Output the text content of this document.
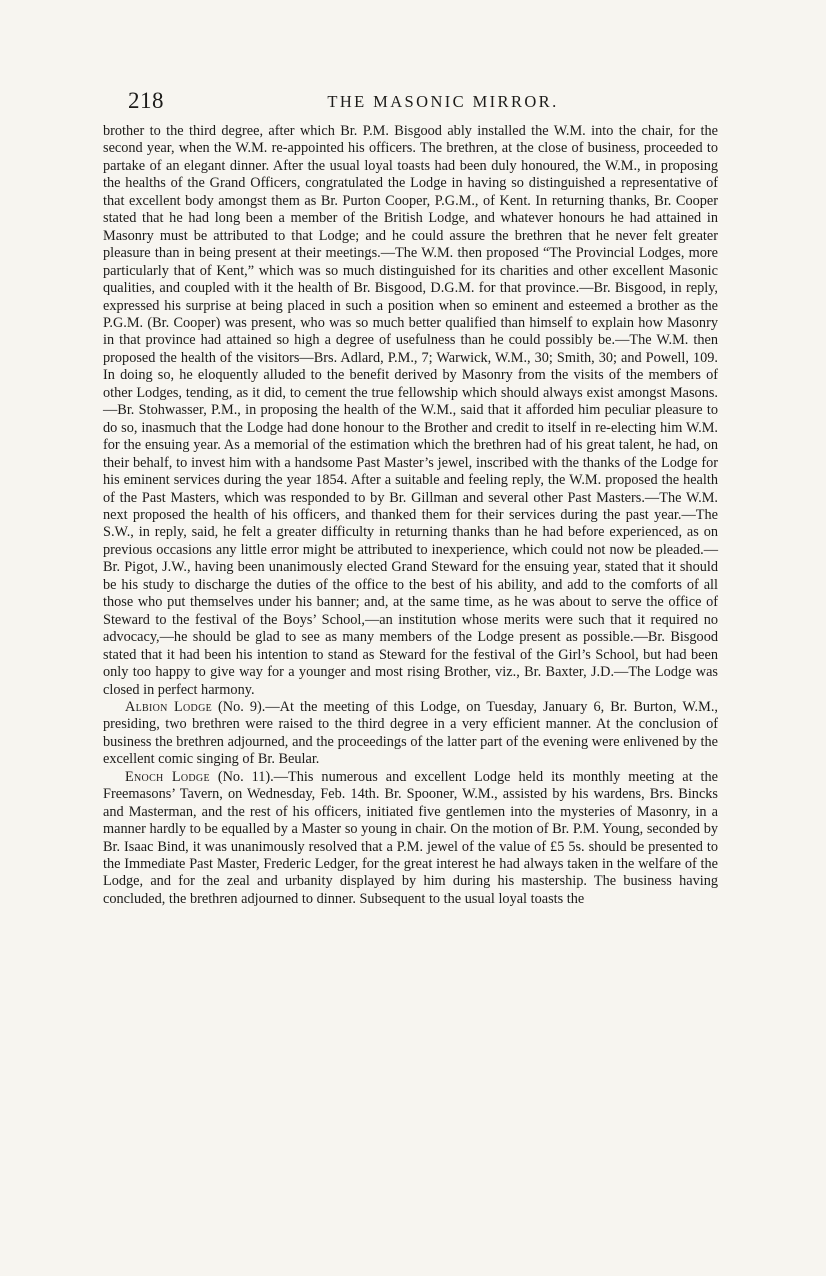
218	THE MASONIC MIRROR.

brother to the third degree, after which Br. P.M. Bisgood ably installed the W.M. into the chair, for the second year, when the W.M. re-appointed his officers. The brethren, at the close of business, proceeded to partake of an elegant dinner. After the usual loyal toasts had been duly honoured, the W.M., in proposing the healths of the Grand Officers, congratulated the Lodge in having so distinguished a representative of that excellent body amongst them as Br. Purton Cooper, P.G.M., of Kent. In returning thanks, Br. Cooper stated that he had long been a member of the British Lodge, and whatever honours he had attained in Masonry must be attributed to that Lodge; and he could assure the brethren that he never felt greater pleasure than in being present at their meetings.—The W.M. then proposed “The Provincial Lodges, more particularly that of Kent,” which was so much distinguished for its charities and other excellent Masonic qualities, and coupled with it the health of Br. Bisgood, D.G.M. for that province.—Br. Bisgood, in reply, expressed his surprise at being placed in such a position when so eminent and esteemed a brother as the P.G.M. (Br. Cooper) was present, who was so much better qualified than himself to explain how Masonry in that province had attained so high a degree of usefulness than he could possibly be.—The W.M. then proposed the health of the visitors—Brs. Adlard, P.M., 7; Warwick, W.M., 30; Smith, 30; and Powell, 109. In doing so, he eloquently alluded to the benefit derived by Masonry from the visits of the members of other Lodges, tending, as it did, to cement the true fellowship which should always exist amongst Masons.—Br. Stohwasser, P.M., in proposing the health of the W.M., said that it afforded him peculiar pleasure to do so, inasmuch that the Lodge had done honour to the Brother and credit to itself in re-electing him W.M. for the ensuing year. As a memorial of the estimation which the brethren had of his great talent, he had, on their behalf, to invest him with a handsome Past Master’s jewel, inscribed with the thanks of the Lodge for his eminent services during the year 1854. After a suitable and feeling reply, the W.M. proposed the health of the Past Masters, which was responded to by Br. Gillman and several other Past Masters.—The W.M. next proposed the health of his officers, and thanked them for their services during the past year.—The S.W., in reply, said, he felt a greater difficulty in returning thanks than he had before experienced, as on previous occasions any little error might be attributed to inexperience, which could not now be pleaded.—Br. Pigot, J.W., having been unanimously elected Grand Steward for the ensuing year, stated that it should be his study to discharge the duties of the office to the best of his ability, and add to the comforts of all those who put themselves under his banner; and, at the same time, as he was about to serve the office of Steward to the festival of the Boys’ School,—an institution whose merits were such that it required no advocacy,—he should be glad to see as many members of the Lodge present as possible.—Br. Bisgood stated that it had been his intention to stand as Steward for the festival of the Girl’s School, but had been only too happy to give way for a younger and most rising Brother, viz., Br. Baxter, J.D.—The Lodge was closed in perfect harmony.

Albion Lodge (No. 9).—At the meeting of this Lodge, on Tuesday, January 6, Br. Burton, W.M., presiding, two brethren were raised to the third degree in a very efficient manner. At the conclusion of business the brethren adjourned, and the proceedings of the latter part of the evening were enlivened by the excellent comic singing of Br. Beular.

Enoch Lodge (No. 11).—This numerous and excellent Lodge held its monthly meeting at the Freemasons’ Tavern, on Wednesday, Feb. 14th. Br. Spooner, W.M., assisted by his wardens, Brs. Bincks and Masterman, and the rest of his officers, initiated five gentlemen into the mysteries of Masonry, in a manner hardly to be equalled by a Master so young in chair. On the motion of Br. P.M. Young, seconded by Br. Isaac Bind, it was unanimously resolved that a P.M. jewel of the value of £5 5s. should be presented to the Immediate Past Master, Frederic Ledger, for the great interest he had always taken in the welfare of the Lodge, and for the zeal and urbanity displayed by him during his mastership. The business having concluded, the brethren adjourned to dinner. Subsequent to the usual loyal toasts the
